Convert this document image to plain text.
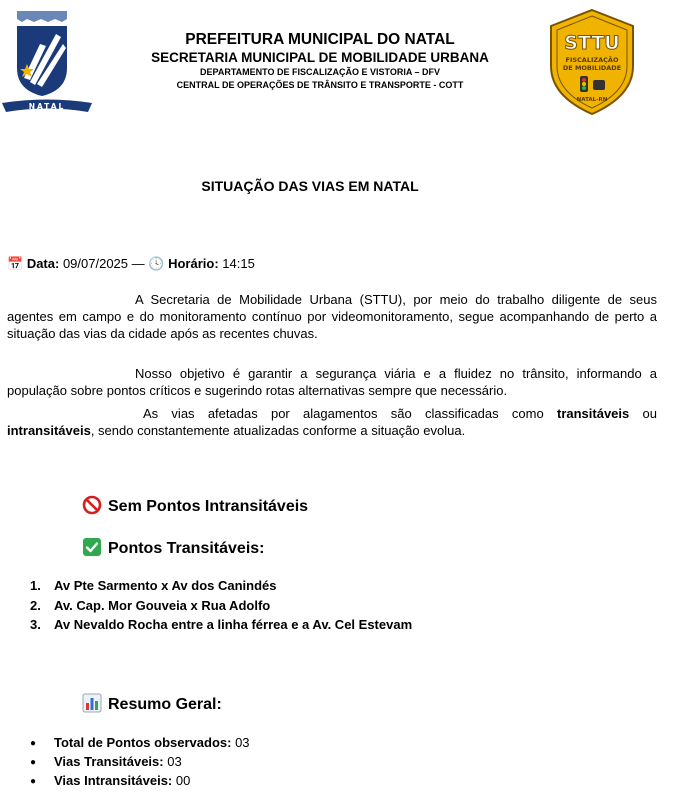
NATAL
PREFEITURA MUNICIPAL DO NATAL
SECRETARIA MUNICIPAL DE MOBILIDADE URBANA
DEPARTAMENTO DE FISCALIZAÇÃO E VISTORIA – DFV
CENTRAL DE OPERAÇÕES DE TRÂNSITO E TRANSPORTE - COTT
STTU
FISCALIZAÇÃO
DE MOBILIDADE
NATAL-RN
SITUAÇÃO DAS VIAS EM NATAL
📅 Data: 09/07/2025 — 🕓 Horário: 14:15

A Secretaria de Mobilidade Urbana (STTU), por meio do trabalho diligente de seus agentes em campo e do monitoramento contínuo por videomonitoramento, segue acompanhando de perto a situação das vias da cidade após as recentes chuvas.

Nosso objetivo é garantir a segurança viária e a fluidez no trânsito, informando a população sobre pontos críticos e sugerindo rotas alternativas sempre que necessário.

As vias afetadas por alagamentos são classificadas como transitáveis ou intransitáveis, sendo constantemente atualizadas conforme a situação evolua.

Sem Pontos Intransitáveis
Pontos Transitáveis:
1. Av Pte Sarmento x Av dos Canindés
2. Av. Cap. Mor Gouveia x Rua Adolfo
3. Av Nevaldo Rocha entre a linha férrea e a Av. Cel Estevam
Resumo Geral:
● Total de Pontos observados: 03
● Vias Transitáveis: 03
● Vias Intransitáveis: 00
